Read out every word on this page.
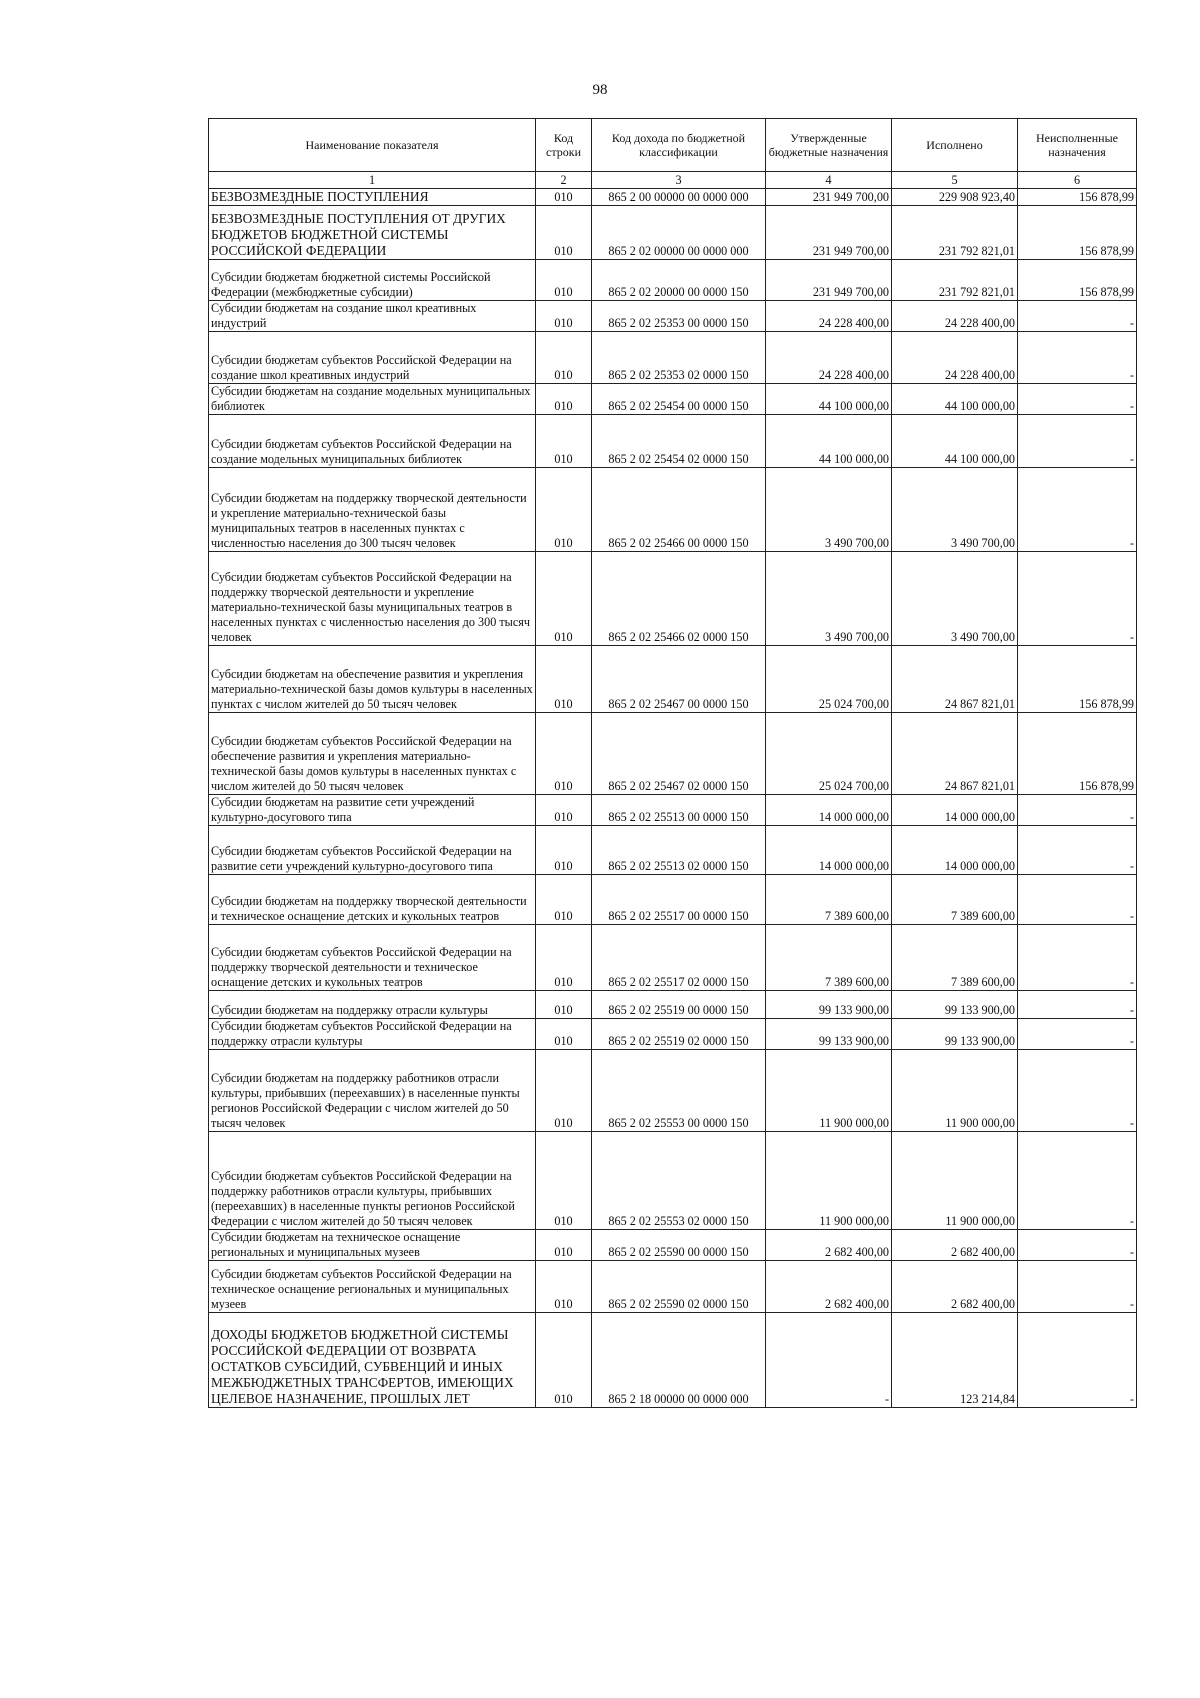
98
Наименование показателя	Код строки	Код дохода по бюджетной классификации	Утвержденные бюджетные назначения	Исполнено	Неисполненные назначения
1	2	3	4	5	6
БЕЗВОЗМЕЗДНЫЕ ПОСТУПЛЕНИЯ	010	865 2 00 00000 00 0000 000	231 949 700,00	229 908 923,40	156 878,99
БЕЗВОЗМЕЗДНЫЕ ПОСТУПЛЕНИЯ ОТ ДРУГИХ БЮДЖЕТОВ БЮДЖЕТНОЙ СИСТЕМЫ РОССИЙСКОЙ ФЕДЕРАЦИИ	010	865 2 02 00000 00 0000 000	231 949 700,00	231 792 821,01	156 878,99
Субсидии бюджетам бюджетной системы Российской Федерации (межбюджетные субсидии)	010	865 2 02 20000 00 0000 150	231 949 700,00	231 792 821,01	156 878,99
Субсидии бюджетам на создание школ креативных индустрий	010	865 2 02 25353 00 0000 150	24 228 400,00	24 228 400,00	-
Субсидии бюджетам субъектов Российской Федерации на создание школ креативных индустрий	010	865 2 02 25353 02 0000 150	24 228 400,00	24 228 400,00	-
Субсидии бюджетам на создание модельных муниципальных библиотек	010	865 2 02 25454 00 0000 150	44 100 000,00	44 100 000,00	-
Субсидии бюджетам субъектов Российской Федерации на создание модельных муниципальных библиотек	010	865 2 02 25454 02 0000 150	44 100 000,00	44 100 000,00	-
Субсидии бюджетам на поддержку творческой деятельности и укрепление материально-технической базы муниципальных театров в населенных пунктах с численностью населения до 300 тысяч человек	010	865 2 02 25466 00 0000 150	3 490 700,00	3 490 700,00	-
Субсидии бюджетам субъектов Российской Федерации на поддержку творческой деятельности и укрепление материально-технической базы муниципальных театров в населенных пунктах с численностью населения до 300 тысяч человек	010	865 2 02 25466 02 0000 150	3 490 700,00	3 490 700,00	-
Субсидии бюджетам на обеспечение развития и укрепления материально-технической базы домов культуры в населенных пунктах с числом жителей до 50 тысяч человек	010	865 2 02 25467 00 0000 150	25 024 700,00	24 867 821,01	156 878,99
Субсидии бюджетам субъектов Российской Федерации на обеспечение развития и укрепления материально-технической базы домов культуры в населенных пунктах с числом жителей до 50 тысяч человек	010	865 2 02 25467 02 0000 150	25 024 700,00	24 867 821,01	156 878,99
Субсидии бюджетам на развитие сети учреждений культурно-досугового типа	010	865 2 02 25513 00 0000 150	14 000 000,00	14 000 000,00	-
Субсидии бюджетам субъектов Российской Федерации на развитие сети учреждений культурно-досугового типа	010	865 2 02 25513 02 0000 150	14 000 000,00	14 000 000,00	-
Субсидии бюджетам на поддержку творческой деятельности и техническое оснащение детских и кукольных театров	010	865 2 02 25517 00 0000 150	7 389 600,00	7 389 600,00	-
Субсидии бюджетам субъектов Российской Федерации на поддержку творческой деятельности и техническое оснащение детских и кукольных театров	010	865 2 02 25517 02 0000 150	7 389 600,00	7 389 600,00	-
Субсидии бюджетам на поддержку отрасли культуры	010	865 2 02 25519 00 0000 150	99 133 900,00	99 133 900,00	-
Субсидии бюджетам субъектов Российской Федерации на поддержку отрасли культуры	010	865 2 02 25519 02 0000 150	99 133 900,00	99 133 900,00	-
Субсидии бюджетам на поддержку работников отрасли культуры, прибывших (переехавших) в населенные пункты регионов Российской Федерации с числом жителей до 50 тысяч человек	010	865 2 02 25553 00 0000 150	11 900 000,00	11 900 000,00	-
Субсидии бюджетам субъектов Российской Федерации на поддержку работников отрасли культуры, прибывших (переехавших) в населенные пункты регионов Российской Федерации с числом жителей до 50 тысяч человек	010	865 2 02 25553 02 0000 150	11 900 000,00	11 900 000,00	-
Субсидии бюджетам на техническое оснащение региональных и муниципальных музеев	010	865 2 02 25590 00 0000 150	2 682 400,00	2 682 400,00	-
Субсидии бюджетам субъектов Российской Федерации на техническое оснащение региональных и муниципальных музеев	010	865 2 02 25590 02 0000 150	2 682 400,00	2 682 400,00	-
ДОХОДЫ БЮДЖЕТОВ БЮДЖЕТНОЙ СИСТЕМЫ РОССИЙСКОЙ ФЕДЕРАЦИИ ОТ ВОЗВРАТА ОСТАТКОВ СУБСИДИЙ, СУБВЕНЦИЙ И ИНЫХ МЕЖБЮДЖЕТНЫХ ТРАНСФЕРТОВ, ИМЕЮЩИХ ЦЕЛЕВОЕ НАЗНАЧЕНИЕ, ПРОШЛЫХ ЛЕТ	010	865 2 18 00000 00 0000 000	-	123 214,84	-
